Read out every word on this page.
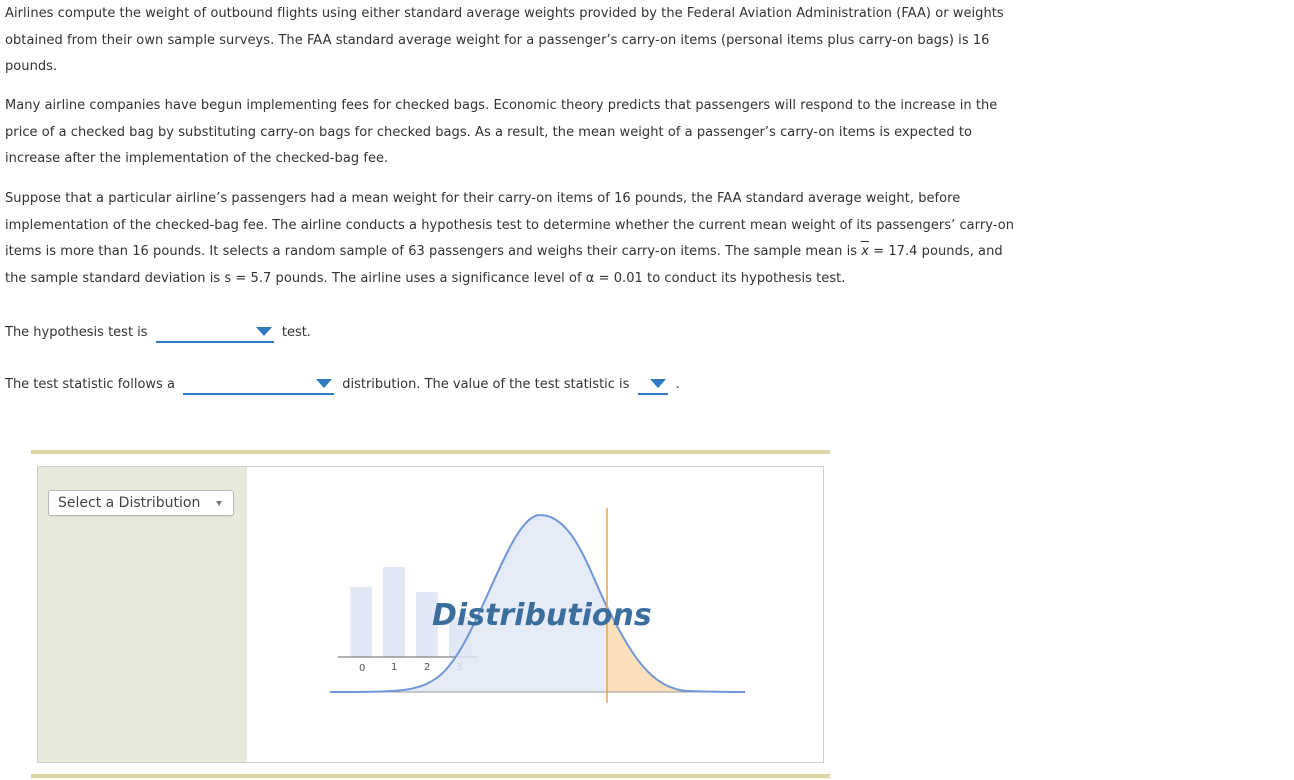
Airlines compute the weight of outbound flights using either standard average weights provided by the Federal Aviation Administration (FAA) or weights obtained from their own sample surveys. The FAA standard average weight for a passenger’s carry-on items (personal items plus carry-on bags) is 16 pounds.

Many airline companies have begun implementing fees for checked bags. Economic theory predicts that passengers will respond to the increase in the price of a checked bag by substituting carry-on bags for checked bags. As a result, the mean weight of a passenger’s carry-on items is expected to increase after the implementation of the checked-bag fee.

Suppose that a particular airline’s passengers had a mean weight for their carry-on items of 16 pounds, the FAA standard average weight, before implementation of the checked-bag fee. The airline conducts a hypothesis test to determine whether the current mean weight of its passengers’ carry-on items is more than 16 pounds. It selects a random sample of 63 passengers and weighs their carry-on items. The sample mean is x = 17.4 pounds, and the sample standard deviation is s = 5.7 pounds. The airline uses a significance level of α = 0.01 to conduct its hypothesis test.

The hypothesis test is	test.
The test statistic follows a	distribution. The value of the test statistic is	.
Select a Distribution
0	1	2
Distributions
